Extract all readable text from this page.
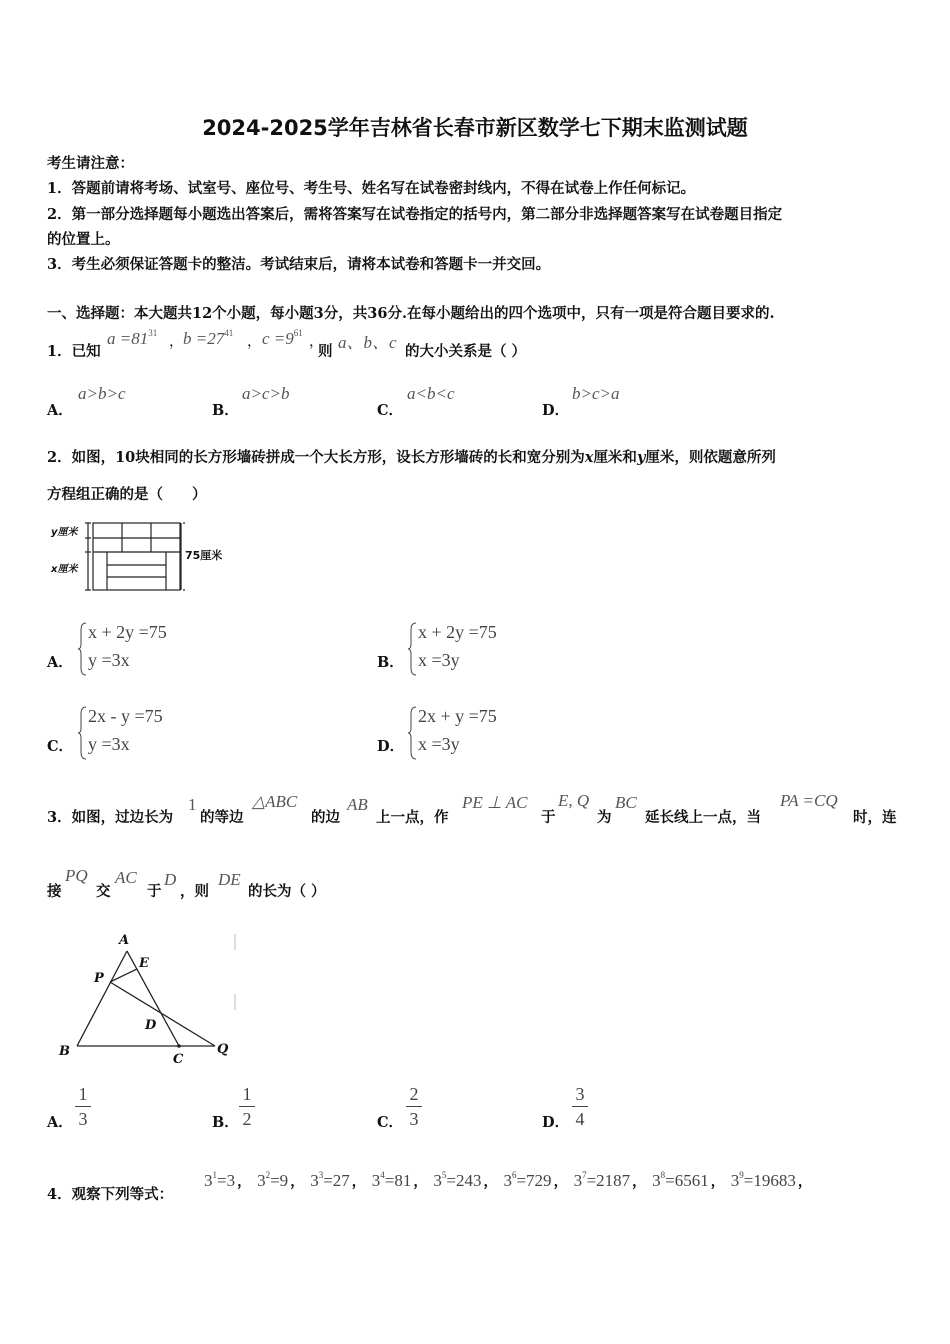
2024-2025学年吉林省长春市新区数学七下期末监测试题
考生请注意：
1．答题前请将考场、试室号、座位号、考生号、姓名写在试卷密封线内，不得在试卷上作任何标记。
2．第一部分选择题每小题选出答案后，需将答案写在试卷指定的括号内，第二部分非选择题答案写在试卷题目指定
的位置上。
3．考生必须保证答题卡的整洁。考试结束后，请将本试卷和答题卡一并交回。
一、选择题：本大题共12个小题，每小题3分，共36分.在每小题给出的四个选项中，只有一项是符合题目要求的.
1．已知
$a =81^{31}$
， $b =27^{41}$
， $c =9^{61}$
，
则 a、b、c 的大小关系是（ ）
A．
a>b>c
B．
a>c>b
C．
a<b<c
D．
b>c>a
2．如图，10块相同的长方形墙砖拼成一个大长方形，设长方形墙砖的长和宽分别为x厘米和y厘米，则依题意所列
方程组正确的是（　　）
y厘米
x厘米
75厘米
A．
x + 2y =75
y =3x	B．
x + 2y =75
x =3y
C．
2x - y =75
y =3x	D．
2x + y =75
x =3y
3．如图，过边长为
1
的等边
△ABC
的边
AB
上一点，作
PE ⊥ AC
于
E, Q
为
BC
延长线上一点，当
PA =CQ
时，连
接
PQ
交
AC
于
D
，则
DE
的长为（ ）
A
E
P
D
B
C
Q
A．
1
3	B．
1
2	C．
2
3	D．
3
4
4．观察下列等式：
$3^1=3$ ， $3^2=9$ ， $3^3=27$ ， $3^4=81$ ， $3^5=243$ ， $3^6=729$ ， $3^7=2187$ ， $3^8=6561$ ， $3^9=19683$ ，
